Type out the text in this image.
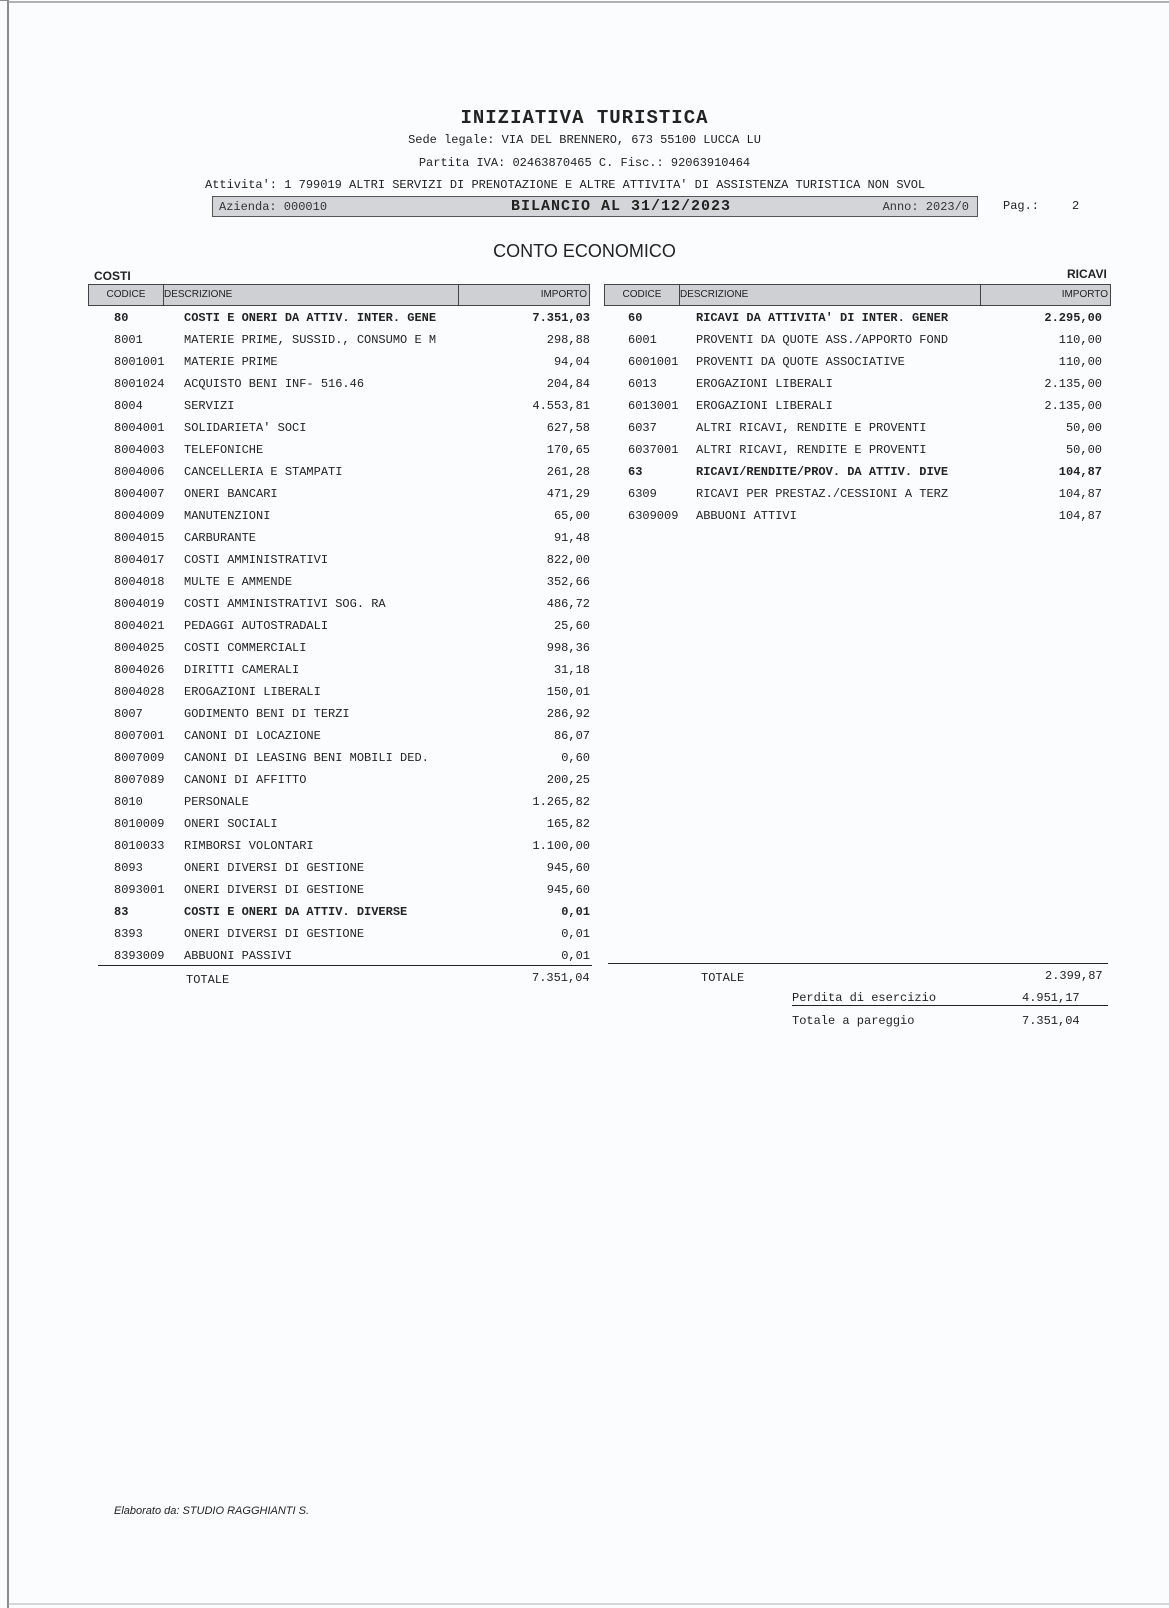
INIZIATIVA TURISTICA
Sede legale: VIA DEL BRENNERO, 673 55100 LUCCA LU
Partita IVA: 02463870465 C. Fisc.: 92063910464
Attivita': 1 799019 ALTRI SERVIZI DI PRENOTAZIONE E ALTRE ATTIVITA' DI ASSISTENZA TURISTICA NON SVOL
Azienda: 000010	BILANCIO AL 31/12/2023	Anno: 2023/0	Pag.:	2
CONTO ECONOMICO
COSTI	RICAVI
CODICE	DESCRIZIONE	IMPORTO	CODICE	DESCRIZIONE	IMPORTO
80	COSTI E ONERI DA ATTIV. INTER. GENE	7.351,03
8001	MATERIE PRIME, SUSSID., CONSUMO E M	298,88
8001001 MATERIE PRIME	94,04
8001024 ACQUISTO BENI INF- 516.46	204,84
8004	SERVIZI	4.553,81
8004001 SOLIDARIETA' SOCI	627,58
8004003 TELEFONICHE	170,65
8004006 CANCELLERIA E STAMPATI	261,28
8004007 ONERI BANCARI	471,29
8004009 MANUTENZIONI	65,00
8004015 CARBURANTE	91,48
8004017 COSTI AMMINISTRATIVI	822,00
8004018 MULTE E AMMENDE	352,66
8004019 COSTI AMMINISTRATIVI SOG. RA	486,72
8004021 PEDAGGI AUTOSTRADALI	25,60
8004025 COSTI COMMERCIALI	998,36
8004026 DIRITTI CAMERALI	31,18
8004028 EROGAZIONI LIBERALI	150,01
8007	GODIMENTO BENI DI TERZI	286,92
8007001 CANONI DI LOCAZIONE	86,07
8007009 CANONI DI LEASING BENI MOBILI DED.	0,60
8007089 CANONI DI AFFITTO	200,25
8010	PERSONALE	1.265,82
8010009 ONERI SOCIALI	165,82
8010033 RIMBORSI VOLONTARI	1.100,00
8093	ONERI DIVERSI DI GESTIONE	945,60
8093001 ONERI DIVERSI DI GESTIONE	945,60
83	COSTI E ONERI DA ATTIV. DIVERSE	0,01
8393	ONERI DIVERSI DI GESTIONE	0,01
8393009 ABBUONI PASSIVI	0,01
60	RICAVI DA ATTIVITA' DI INTER. GENER	2.295,00
6001	PROVENTI DA QUOTE ASS./APPORTO FOND	110,00
6001001 PROVENTI DA QUOTE ASSOCIATIVE	110,00
6013	EROGAZIONI LIBERALI	2.135,00
6013001 EROGAZIONI LIBERALI	2.135,00
6037	ALTRI RICAVI, RENDITE E PROVENTI	50,00
6037001 ALTRI RICAVI, RENDITE E PROVENTI	50,00
63	RICAVI/RENDITE/PROV. DA ATTIV. DIVE	104,87
6309	RICAVI PER PRESTAZ./CESSIONI A TERZ	104,87
6309009 ABBUONI ATTIVI	104,87
TOTALE	7.351,04	TOTALE	2.399,87
Perdita di esercizio	4.951,17
Totale a pareggio	7.351,04
Elaborato da: STUDIO RAGGHIANTI S.
